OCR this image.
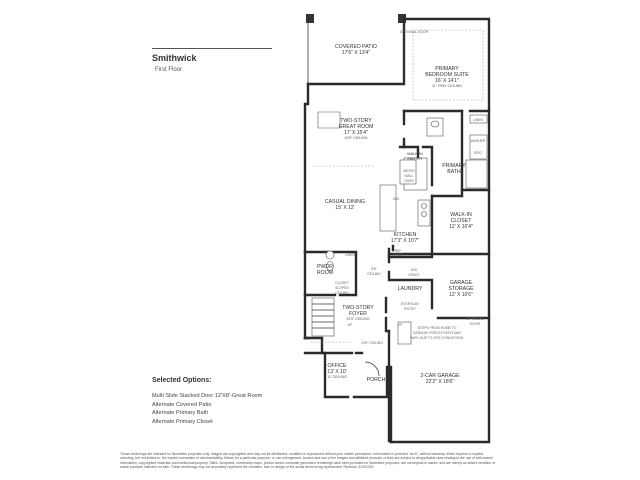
Smithwick
First Floor
Selected Options:
Multi Slide Stacked Door 12'X8'-Great Room
Alternate Covered Patio
Alternate Primary Bath
Alternate Primary Closet

These renderings are intended for illustrative purposes only. Images are copyrighted and may not be distributed, modified or reproduced without prior written permission. Information is provided "as is", without warranty, either express or implied, including, but not limited to, the implied warranties of merchantability, fitness for a particular purpose, or non-infringement. Access and use of the images and affiliated products or links are subject to all applicable laws relating to the use of web-based information, copyrighted materials and intellectual property. Stiles, floorplans, community maps, photos and/or computer generated renderings have been provided for illustrative purposes, are conceptual in nature, and are merely an artist's rendition of actual products intended for sale. These renderings may not accurately represent the condition, size or design of the actual items being represented. Revision: 3/15/2023

COVERED PATIO
17'6" X 13'4"
PRIMARY
BEDROOM SUITE
16' X 14'1"
11' TRAY CEILING
TWO-STORY
GREAT ROOM
17' X 15'4"
19'5" CEILING
WALK-IN
PANTRY
PRIMARY
BATH
CASUAL DINING
15' X 12'
KITCHEN
17'3" X 10'7"
WALK-IN
CLOSET
12' X 10'4"
PWDR
ROOM
LAUNDRY
GARAGE
STORAGE
12' X 10'6"
TWO-STORY
FOYER
20'5" CEILING
OFFICE
13' X 10'
11' CEILING	PORCH
2-CAR GARAGE
22'2" X 18'6"
OPTIONAL DOOR
LINEN
WASHER
SEAT
MICRO
WALL
OVEN
DW
LINEN
9'6"
CEILING
REF
SPACE
W/D
SPACE
CLOSET
SLOPED
CEILING
EVERYDAY
ENTRY
UP	UP
STEPS FROM HOME TO
GARAGE/ PORCH/ PATIO MAY
VARY DUE TO SITE CONDITIONS.
19'5" CEILING
OPTIONAL
DOOR
